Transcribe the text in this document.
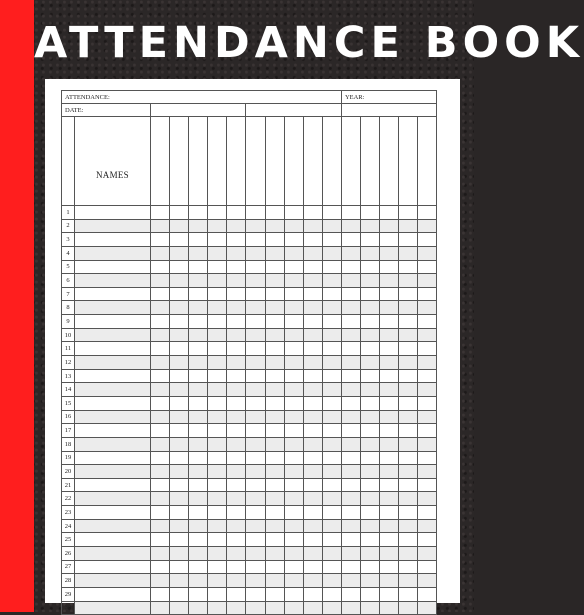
ATTENDANCE BOOK
ATTENDANCE:												YEAR:				
DATE:																
	NAMES															
1																
2																
3																
4																
5																
6																
7																
8																
9																
10																
11																
12																
13																
14																
15																
16																
17																
18																
19																
20																
21																
22																
23																
24																
25																
26																
27																
28																
29																
30																
